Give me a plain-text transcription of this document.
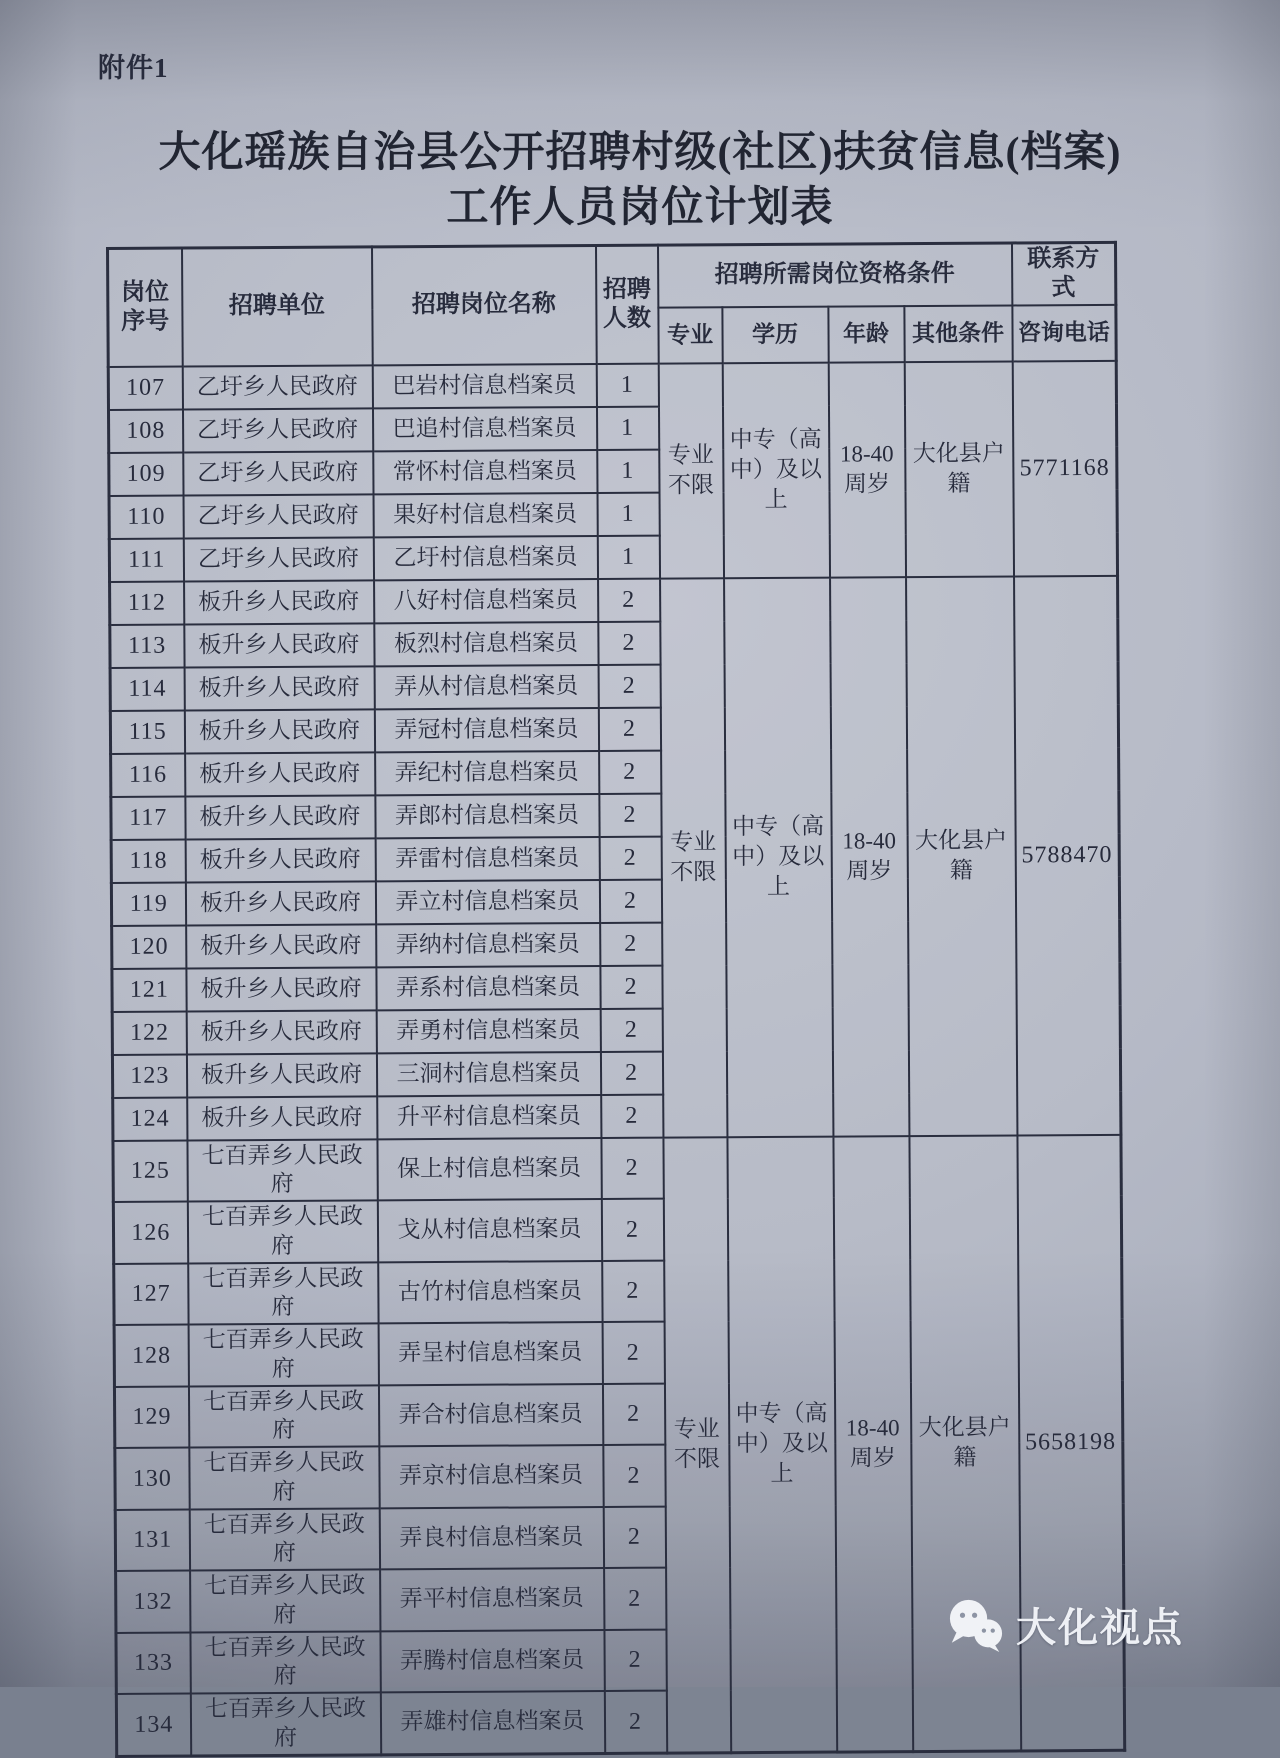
附件1
大化瑶族自治县公开招聘村级(社区)扶贫信息(档案)
工作人员岗位计划表
岗位序号	招聘单位	招聘岗位名称	招聘人数	招聘所需岗位资格条件				联系方式
				专业	学历	年龄	其他条件	咨询电话
107	乙圩乡人民政府	巴岩村信息档案员	1	专业不限	中专（高中）及以上	18-40周岁	大化县户籍	5771168
108	乙圩乡人民政府	巴追村信息档案员	1					
109	乙圩乡人民政府	常怀村信息档案员	1					
110	乙圩乡人民政府	果好村信息档案员	1					
111	乙圩乡人民政府	乙圩村信息档案员	1					
112	板升乡人民政府	八好村信息档案员	2	专业不限	中专（高中）及以上	18-40周岁	大化县户籍	5788470
113	板升乡人民政府	板烈村信息档案员	2					
114	板升乡人民政府	弄从村信息档案员	2					
115	板升乡人民政府	弄冠村信息档案员	2					
116	板升乡人民政府	弄纪村信息档案员	2					
117	板升乡人民政府	弄郎村信息档案员	2					
118	板升乡人民政府	弄雷村信息档案员	2					
119	板升乡人民政府	弄立村信息档案员	2					
120	板升乡人民政府	弄纳村信息档案员	2					
121	板升乡人民政府	弄系村信息档案员	2					
122	板升乡人民政府	弄勇村信息档案员	2					
123	板升乡人民政府	三洞村信息档案员	2					
124	板升乡人民政府	升平村信息档案员	2					
125	七百弄乡人民政府	保上村信息档案员	2	专业不限	中专（高中）及以上	18-40周岁	大化县户籍	5658198
126	七百弄乡人民政府	戈从村信息档案员	2					
127	七百弄乡人民政府	古竹村信息档案员	2					
128	七百弄乡人民政府	弄呈村信息档案员	2					
129	七百弄乡人民政府	弄合村信息档案员	2					
130	七百弄乡人民政府	弄京村信息档案员	2					
131	七百弄乡人民政府	弄良村信息档案员	2					
132	七百弄乡人民政府	弄平村信息档案员	2					
133	七百弄乡人民政府	弄腾村信息档案员	2					
134	七百弄乡人民政府	弄雄村信息档案员	2					
大化视点
